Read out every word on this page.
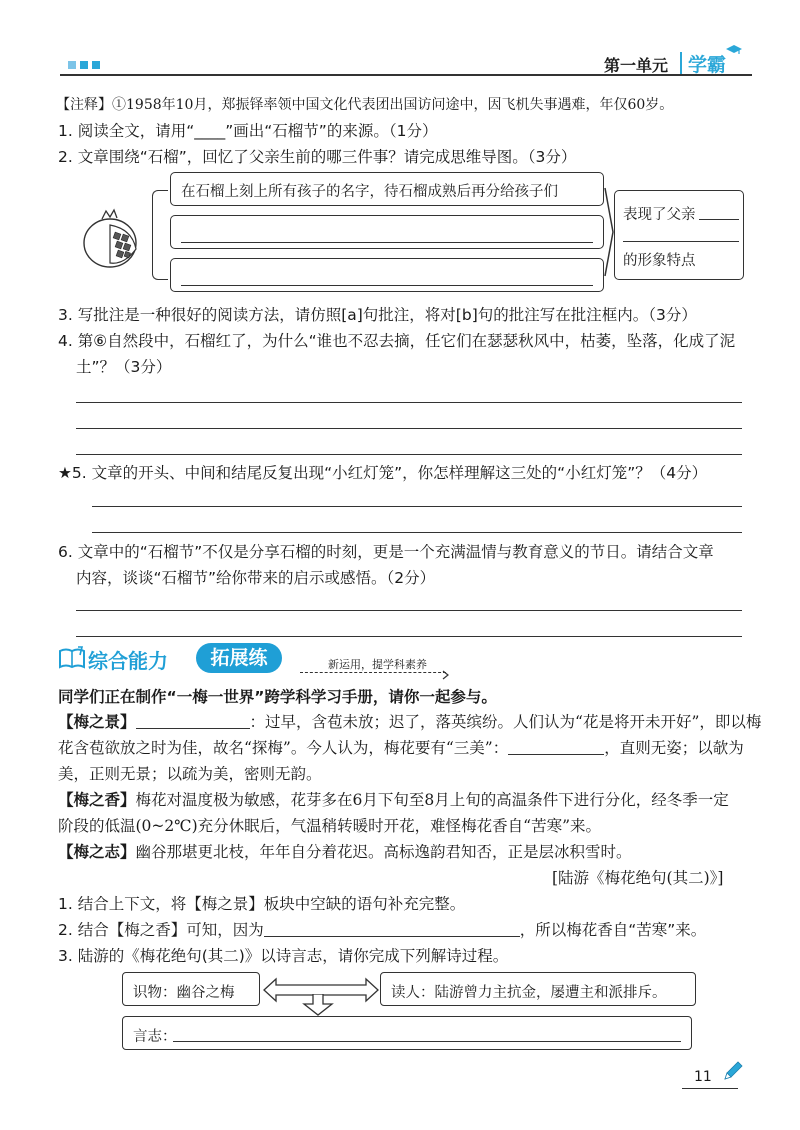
第一单元 学霸
【注释】①1958年10月，郑振铎率领中国文化代表团出国访问途中，因飞机失事遇难，年仅60岁。
1. 阅读全文，请用“____”画出“石榴节”的来源。（1分）
2. 文章围绕“石榴”，回忆了父亲生前的哪三件事？请完成思维导图。（3分）
在石榴上刻上所有孩子的名字，待石榴成熟后再分给孩子们
表现了父亲
的形象特点
3. 写批注是一种很好的阅读方法，请仿照[a]句批注，将对[b]句的批注写在批注框内。（3分）
4. 第⑥自然段中，石榴红了，为什么“谁也不忍去摘，任它们在瑟瑟秋风中，枯萎，坠落，化成了泥
土”？（3分）
★5. 文章的开头、中间和结尾反复出现“小红灯笼”，你怎样理解这三处的“小红灯笼”？（4分）
6. 文章中的“石榴节”不仅是分享石榴的时刻，更是一个充满温情与教育意义的节日。请结合文章
内容，谈谈“石榴节”给你带来的启示或感悟。（2分）
综合能力	拓展练	新运用，提学科素养
同学们正在制作“一梅一世界”跨学科学习手册，请你一起参与。
【梅之景】	：过早，含苞未放；迟了，落英缤纷。人们认为“花是将开未开好”，即以梅
花含苞欲放之时为佳，故名“探梅”。今人认为，梅花要有“三美”：	，直则无姿；以欹为
美，正则无景；以疏为美，密则无韵。
【梅之香】梅花对温度极为敏感，花芽多在6月下旬至8月上旬的高温条件下进行分化，经冬季一定
阶段的低温(0~2℃)充分休眠后，气温稍转暖时开花，难怪梅花香自“苦寒”来。
【梅之志】幽谷那堪更北枝，年年自分着花迟。高标逸韵君知否，正是层冰积雪时。
[陆游《梅花绝句(其二)》]
1. 结合上下文，将【梅之景】板块中空缺的语句补充完整。
2. 结合【梅之香】可知，因为	，所以梅花香自“苦寒”来。
3. 陆游的《梅花绝句(其二)》以诗言志，请你完成下列解诗过程。
识物：幽谷之梅	读人：陆游曾力主抗金，屡遭主和派排斥。
言志：
11
